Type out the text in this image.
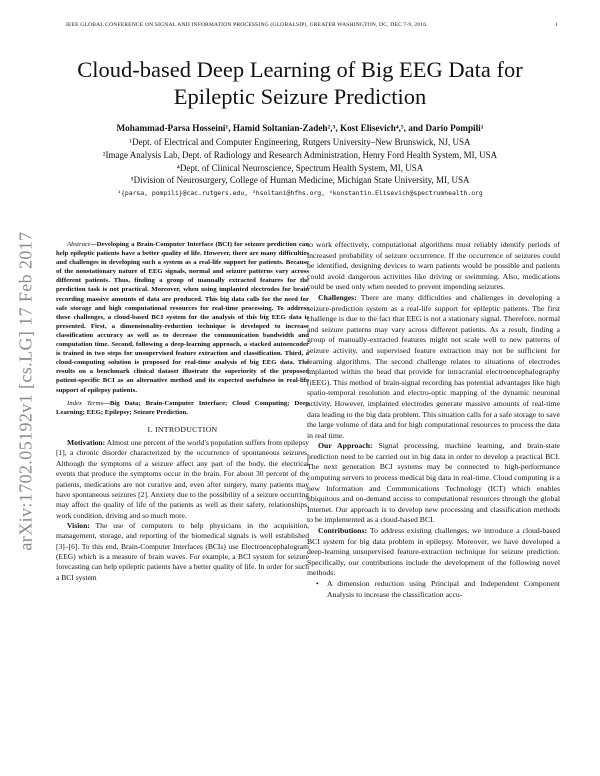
IEEE GLOBAL CONFERENCE ON SIGNAL AND INFORMATION PROCESSING (GLOBALSIP), GREATER WASHINGTON, DC, DEC 7-9, 2016.	1
arXiv:1702.05192v1 [cs.LG] 17 Feb 2017
Cloud-based Deep Learning of Big EEG Data for
Epileptic Seizure Prediction
Mohammad-Parsa Hosseini¹, Hamid Soltanian-Zadeh²,³, Kost Elisevich⁴,⁵, and Dario Pompili¹
¹Dept. of Electrical and Computer Engineering, Rutgers University–New Brunswick, NJ, USA
²Image Analysis Lab, Dept. of Radiology and Research Administration, Henry Ford Health System, MI, USA
⁴Dept. of Clinical Neuroscience, Spectrum Health System, MI, USA
⁵Division of Neurosurgery, College of Human Medicine, Michigan State University, MI, USA
¹{parsa, pompili}@cac.rutgers.edu, ³hsoltani@hfhs.org, ⁴konstantin.Elisevich@spectrumhealth.org

Abstract—Developing a Brain-Computer Interface (BCI) for seizure prediction can help epileptic patients have a better quality of life. However, there are many difficulties and challenges in developing such a system as a real-life support for patients. Because of the nonstationary nature of EEG signals, normal and seizure patterns vary across different patients. Thus, finding a group of manually extracted features for the prediction task is not practical. Moreover, when using implanted electrodes for brain recording massive amounts of data are produced. This big data calls for the need for safe storage and high computational resources for real-time processing. To address these challenges, a cloud-based BCI system for the analysis of this big EEG data is presented. First, a dimensionality-reduction technique is developed to increase classification accuracy as well as to decrease the communication bandwidth and computation time. Second, following a deep-learning approach, a stacked autoencoder is trained in two steps for unsupervised feature extraction and classification. Third, a cloud-computing solution is proposed for real-time analysis of big EEG data. The results on a benchmark clinical dataset illustrate the superiority of the proposed patient-specific BCI as an alternative method and its expected usefulness in real-life support of epilepsy patients.

Index Terms—Big Data; Brain-Computer Interface; Cloud Computing; Deep Learning; EEG; Epilepsy; Seizure Prediction.

I. INTRODUCTION

Motivation: Almost one percent of the world's population suffers from epilepsy [1], a chronic disorder characterized by the occurrence of spontaneous seizures. Although the symptoms of a seizure affect any part of the body, the electrical events that produce the symptoms occur in the brain. For about 30 percent of the patients, medications are not curative and, even after surgery, many patients may have spontaneous seizures [2]. Anxiety due to the possibility of a seizure occurring may affect the quality of life of the patients as well as their safety, relationships, work condition, driving and so much more.

Vision: The use of computers to help physicians in the acquisition, management, storage, and reporting of the biomedical signals is well established [3]–[6]. To this end, Brain-Computer Interfaces (BCIs) use Electroencephalogram (EEG) which is a measure of brain waves. For example, a BCI system for seizure forecasting can help epileptic patients have a better quality of life. In order for such a BCI system

to work effectively, computational algorithms must reliably identify periods of increased probability of seizure occurrence. If the occurrence of seizures could be identified, designing devices to warn patients would be possible and patients could avoid dangerous activities like driving or swimming. Also, medications could be used only when needed to prevent impending seizures.

Challenges: There are many difficulties and challenges in developing a seizure-prediction system as a real-life support for epileptic patients. The first challenge is due to the fact that EEG is not a stationary signal. Therefore, normal and seizure patterns may vary across different patients. As a result, finding a group of manually-extracted features might not scale well to new patterns of seizure activity, and supervised feature extraction may not be sufficient for learning algorithms. The second challenge relates to situations of electrodes implanted within the head that provide for intracranial electroencephalography (iEEG). This method of brain-signal recording has potential advantages like high spatio-temporal resolution and electro-optic mapping of the dynamic neuronal activity. However, implanted electrodes generate massive amounts of real-time data leading to the big data problem. This situation calls for a safe storage to save the large volume of data and for high computational resources to process the data in real time.

Our Approach: Signal processing, machine learning, and brain-state prediction need to be carried out in big data in order to develop a practical BCI. The next generation BCI systems may be connected to high-performance computing servers to process medical big data in real-time. Cloud computing is a new Information and Communications Technology (ICT) which enables ubiquitous and on-demand access to computational resources through the global Internet. Our approach is to develop new processing and classification methods to be implemented as a cloud-based BCI.

Contributions: To address existing challenges, we introduce a cloud-based BCI system for big data problem in epilepsy. Moreover, we have developed a deep-learning unsupervised feature-extraction technique for seizure prediction. Specifically, our contributions include the development of the following novel methods:

• A dimension reduction using Principal and Independent Component Analysis to increase the classification accu-
